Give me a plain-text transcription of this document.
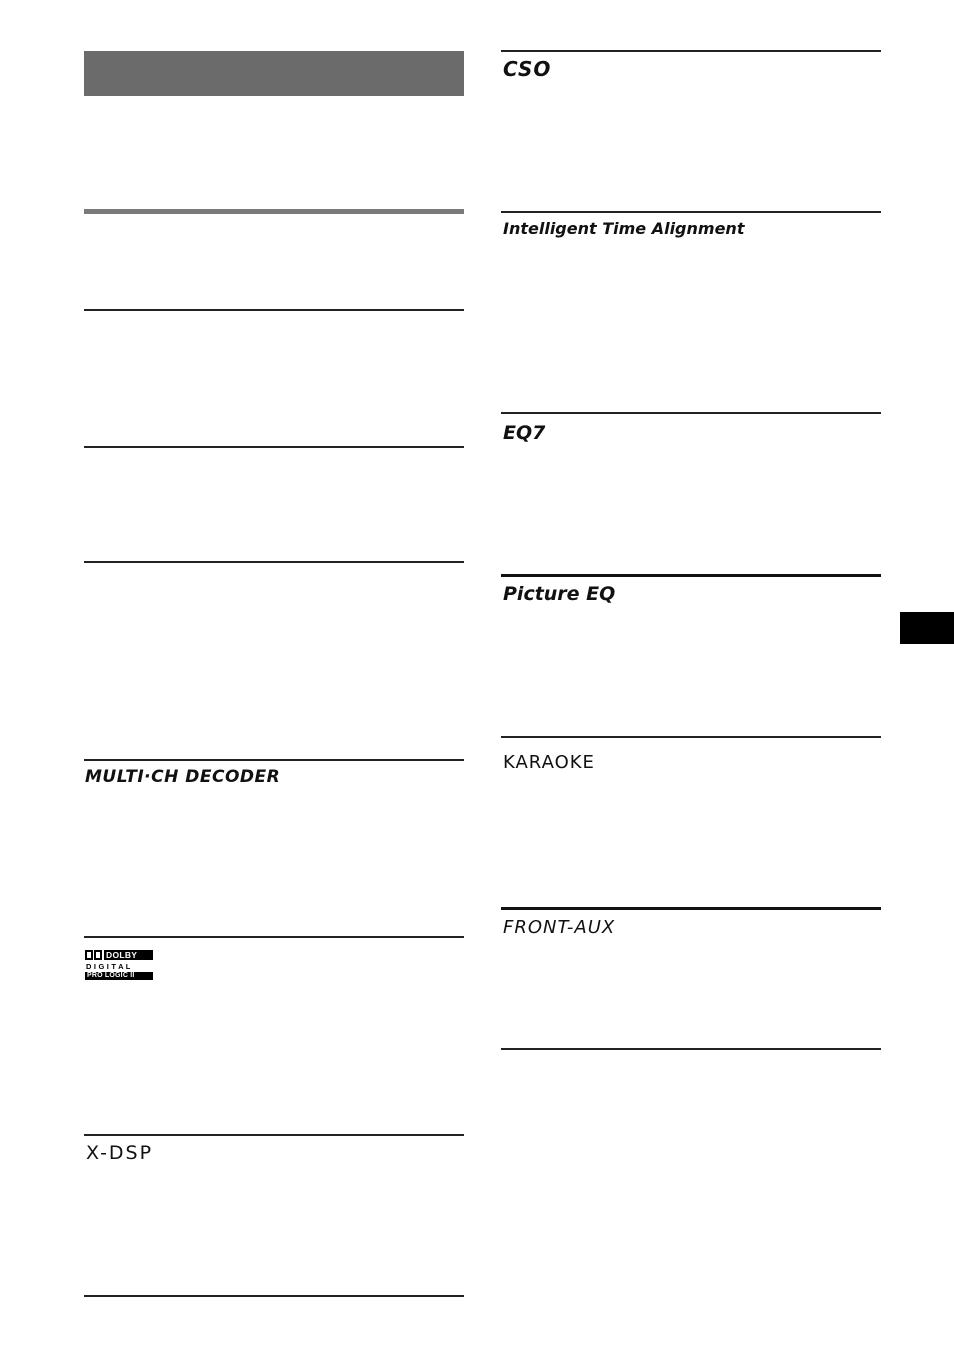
MULTI·CH DECODER
DOLBY
D I G I T A L
PRO LOGIC II
X-DSP
CSO
Intelligent Time Alignment
EQ7
Picture EQ
KARAOKE
FRONT-AUX
